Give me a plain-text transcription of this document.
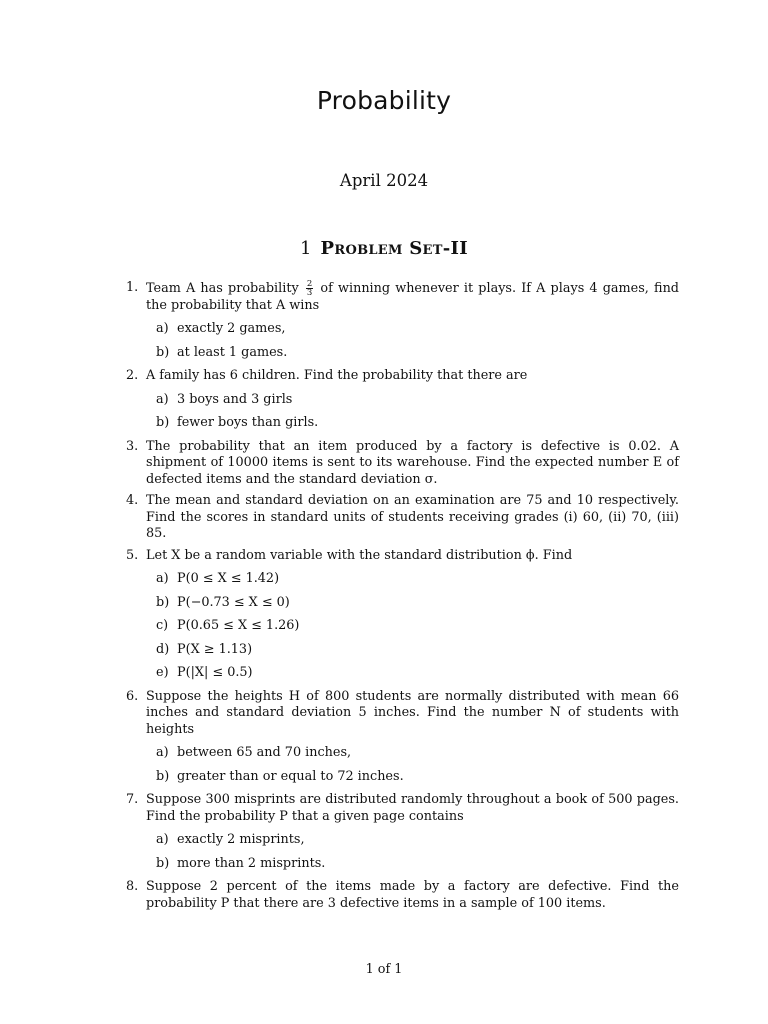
Probability
April 2024
1 Problem Set-II
1. Team A has probability $\frac{2}{3}$ of winning whenever it plays. If A plays 4 games, find the probability that A wins
a) exactly 2 games,
b) at least 1 games.
2. A family has 6 children. Find the probability that there are
a) 3 boys and 3 girls
b) fewer boys than girls.
3. The probability that an item produced by a factory is defective is 0.02. A shipment of 10000 items is sent to its warehouse. Find the expected number E of defected items and the standard deviation σ.
4. The mean and standard deviation on an examination are 75 and 10 respectively. Find the scores in standard units of students receiving grades (i) 60, (ii) 70, (iii) 85.
5. Let X be a random variable with the standard distribution ϕ. Find
a) P(0 ≤ X ≤ 1.42)
b) P(−0.73 ≤ X ≤ 0)
c) P(0.65 ≤ X ≤ 1.26)
d) P(X ≥ 1.13)
e) P(|X| ≤ 0.5)
6. Suppose the heights H of 800 students are normally distributed with mean 66 inches and standard deviation 5 inches. Find the number N of students with heights
a) between 65 and 70 inches,
b) greater than or equal to 72 inches.
7. Suppose 300 misprints are distributed randomly throughout a book of 500 pages. Find the probability P that a given page contains
a) exactly 2 misprints,
b) more than 2 misprints.
8. Suppose 2 percent of the items made by a factory are defective. Find the probability P that there are 3 defective items in a sample of 100 items.
1 of 1
